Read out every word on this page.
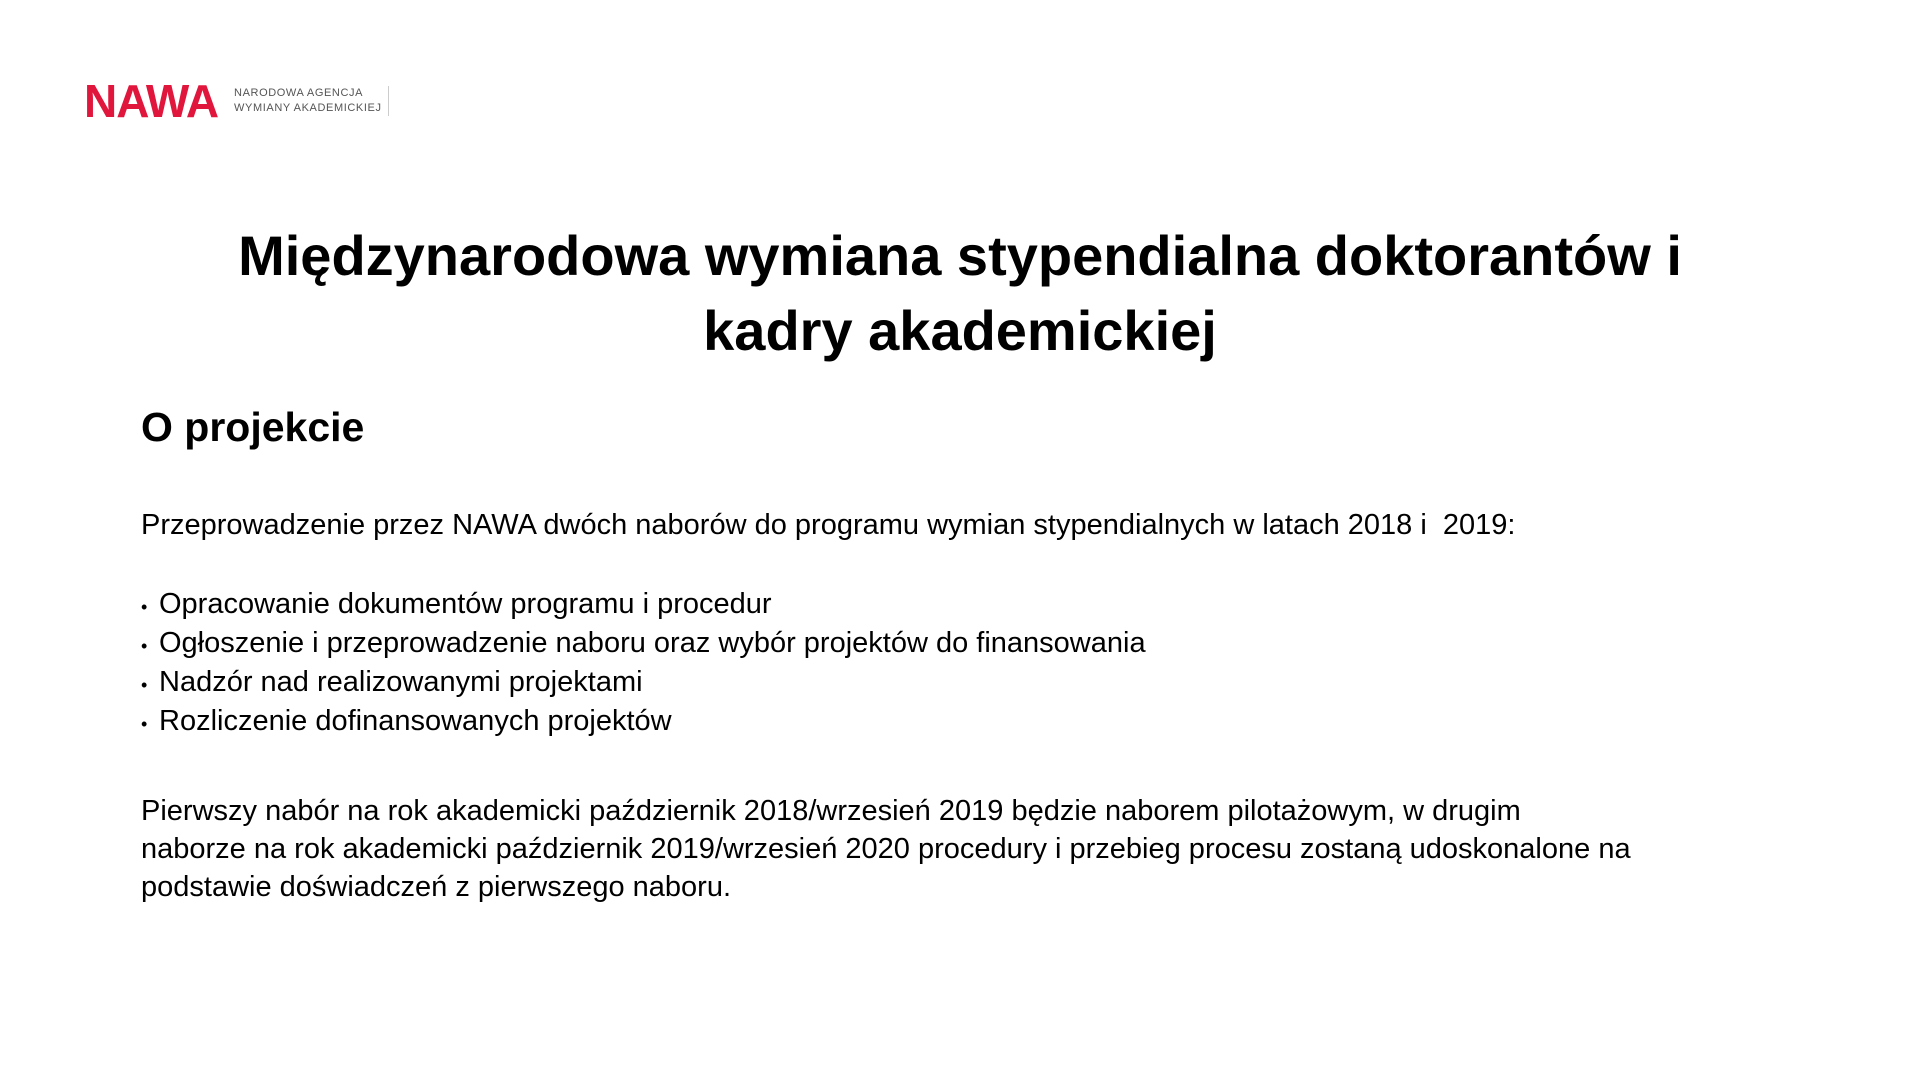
NAWA NARODOWA AGENCJA
WYMIANY AKADEMICKIEJ
Międzynarodowa wymiana stypendialna doktorantów i
kadry akademickiej
O projekcie

Przeprowadzenie przez NAWA dwóch naborów do programu wymian stypendialnych w latach 2018 i  2019:

• Opracowanie dokumentów programu i procedur
• Ogłoszenie i przeprowadzenie naboru oraz wybór projektów do finansowania
• Nadzór nad realizowanymi projektami
• Rozliczenie dofinansowanych projektów

Pierwszy nabór na rok akademicki październik 2018/wrzesień 2019 będzie naborem pilotażowym, w drugim
naborze na rok akademicki październik 2019/wrzesień 2020 procedury i przebieg procesu zostaną udoskonalone na
podstawie doświadczeń z pierwszego naboru.
